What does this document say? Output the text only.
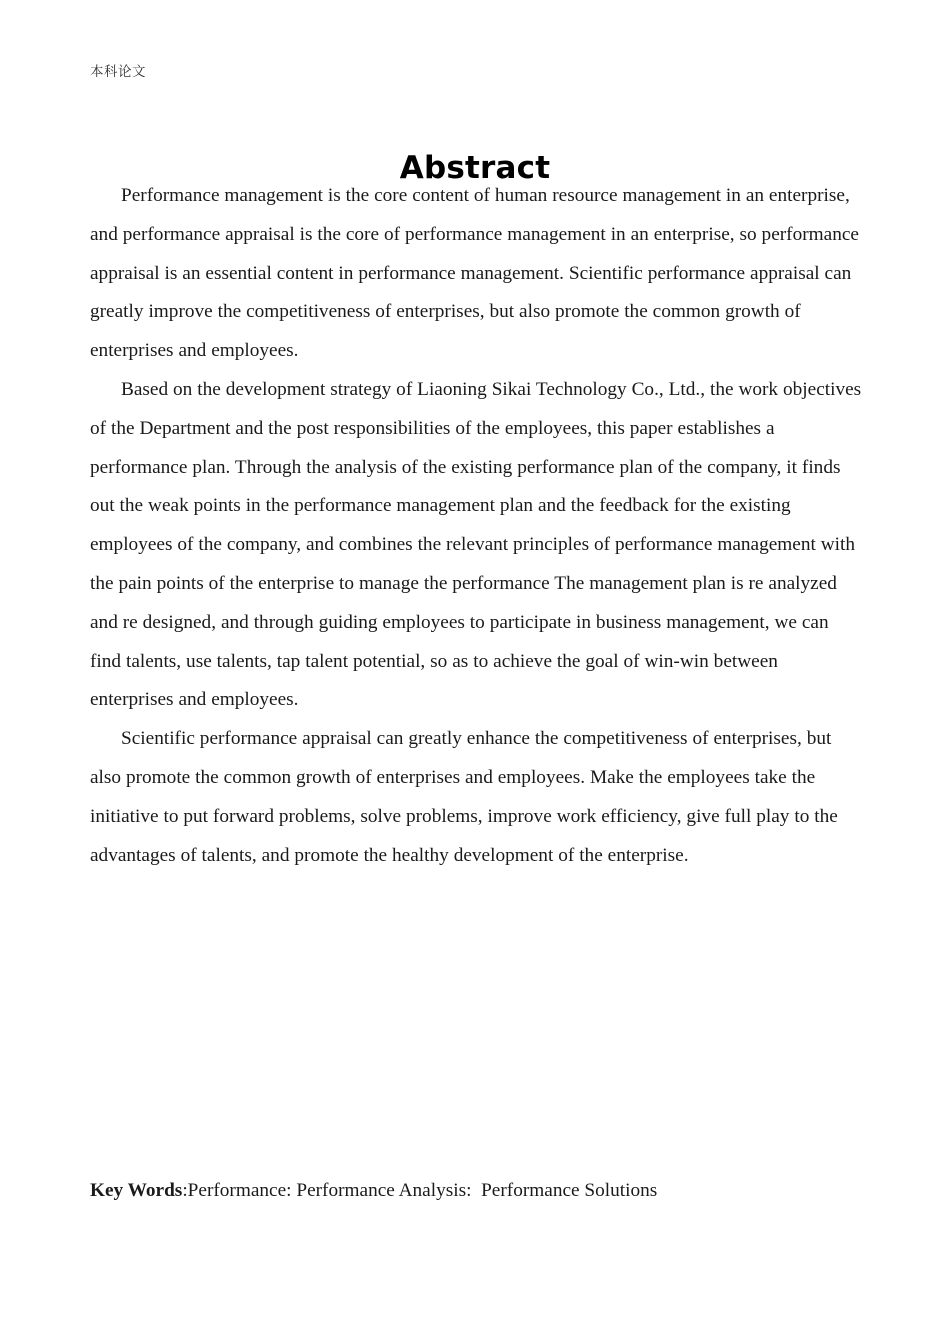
本科论文
Abstract

Performance management is the core content of human resource management in an enterprise, and performance appraisal is the core of performance management in an enterprise, so performance appraisal is an essential content in performance management. Scientific performance appraisal can greatly improve the competitiveness of enterprises, but also promote the common growth of enterprises and employees.

Based on the development strategy of Liaoning Sikai Technology Co., Ltd., the work objectives of the Department and the post responsibilities of the employees, this paper establishes a performance plan. Through the analysis of the existing performance plan of the company, it finds out the weak points in the performance management plan and the feedback for the existing employees of the company, and combines the relevant principles of performance management with the pain points of the enterprise to manage the performance The management plan is re analyzed and re designed, and through guiding employees to participate in business management, we can find talents, use talents, tap talent potential, so as to achieve the goal of win-win between enterprises and employees.

Scientific performance appraisal can greatly enhance the competitiveness of enterprises, but also promote the common growth of enterprises and employees. Make the employees take the initiative to put forward problems, solve problems, improve work efficiency, give full play to the advantages of talents, and promote the healthy development of the enterprise.

Key Words:Performance: Performance Analysis:  Performance Solutions
